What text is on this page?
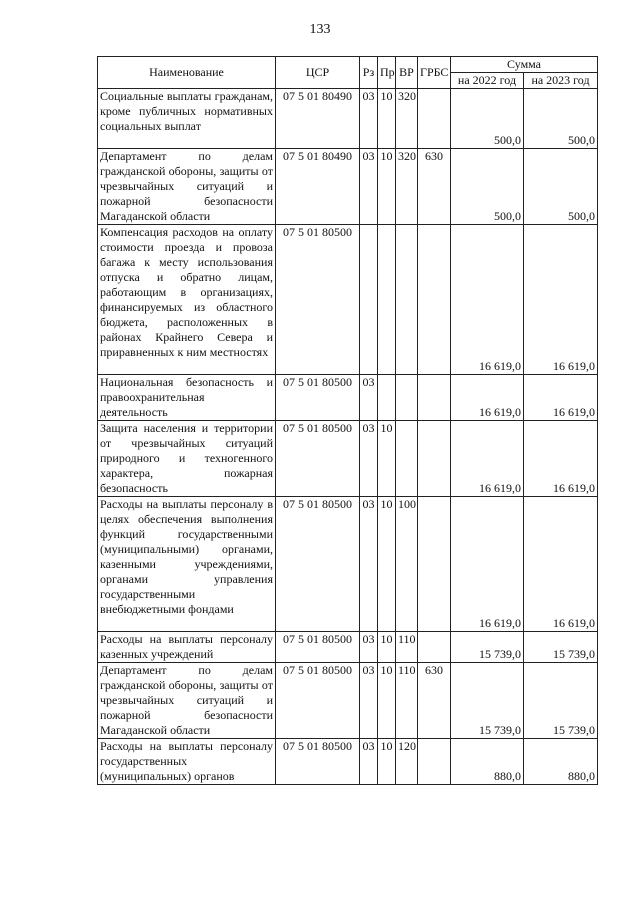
133
Наименование	ЦСР	Рз	Пр	ВР	ГРБС	Сумма	
						на 2022 год	на 2023 год
Социальные выплаты гражданам, кроме публичных нормативных социальных выплат	07 5 01 80490	03	10	320		500,0	500,0
Департамент по делам гражданской обороны, защиты от чрезвычайных ситуаций и пожарной безопасности Магаданской области	07 5 01 80490	03	10	320	630	500,0	500,0
Компенсация расходов на оплату стоимости проезда и провоза багажа к месту использования отпуска и обратно лицам, работающим в организациях, финансируемых из областного бюджета, расположенных в районах Крайнего Севера и приравненных к ним местностях	07 5 01 80500					16 619,0	16 619,0
Национальная безопасность и правоохранительная деятельность	07 5 01 80500	03				16 619,0	16 619,0
Защита населения и территории от чрезвычайных ситуаций природного и техногенного характера, пожарная безопасность	07 5 01 80500	03	10			16 619,0	16 619,0
Расходы на выплаты персоналу в целях обеспечения выполнения функций государственными (муниципальными) органами, казенными учреждениями, органами управления государственными внебюджетными фондами	07 5 01 80500	03	10	100		16 619,0	16 619,0
Расходы на выплаты персоналу казенных учреждений	07 5 01 80500	03	10	110		15 739,0	15 739,0
Департамент по делам гражданской обороны, защиты от чрезвычайных ситуаций и пожарной безопасности Магаданской области	07 5 01 80500	03	10	110	630	15 739,0	15 739,0
Расходы на выплаты персоналу государственных (муниципальных) органов	07 5 01 80500	03	10	120		880,0	880,0
